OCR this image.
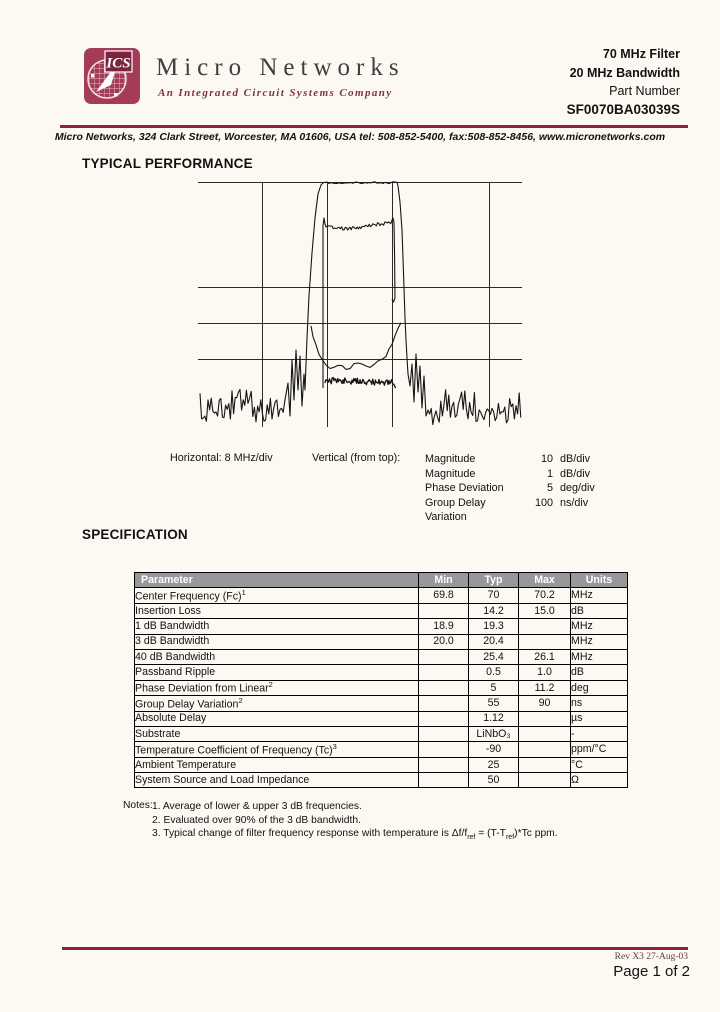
ICS Micro Networks
An Integrated Circuit Systems Company
70 MHz Filter
20 MHz Bandwidth
Part Number
SF0070BA03039S
Micro Networks, 324 Clark Street, Worcester, MA 01606, USA tel: 508-852-5400, fax:508-852-8456, www.micronetworks.com
TYPICAL PERFORMANCE
Horizontal: 8 MHz/div	Vertical (from top): Magnitude	10 dB/div
Magnitude	1 dB/div
Phase Deviation	5 deg/div
Group Delay Variation
100 ns/div
SPECIFICATION
Parameter	Min	Typ	Max	Units
Center Frequency $(Fc)^1$	69.8	70	70.2	MHz
Insertion Loss		14.2	15.0	dB
1 dB Bandwidth	18.9	19.3		MHz
3 dB Bandwidth	20.0	20.4		MHz
40 dB Bandwidth		25.4	26.1	MHz
Passband Ripple		0.5	1.0	dB
Phase Deviation from Linear$^2$		5	11.2	deg
Group Delay Variation$^2$		55	90	ns
Absolute Delay		1.12		µs
Substrate		LiNbO₃		-
Temperature Coefficient of Frequency $(Tc)^3$		-90		ppm/°C
Ambient Temperature		25		°C
System Source and Load Impedance		50		Ω
Notes: 1. Average of lower & upper 3 dB frequencies.
2. Evaluated over 90% of the 3 dB bandwidth.
3. Typical change of filter frequency response with temperature is $\Delta f/f_{ref} = (T-T_{ref})*Tc$ ppm.
Rev X3 27-Aug-03
Page 1 of 2
